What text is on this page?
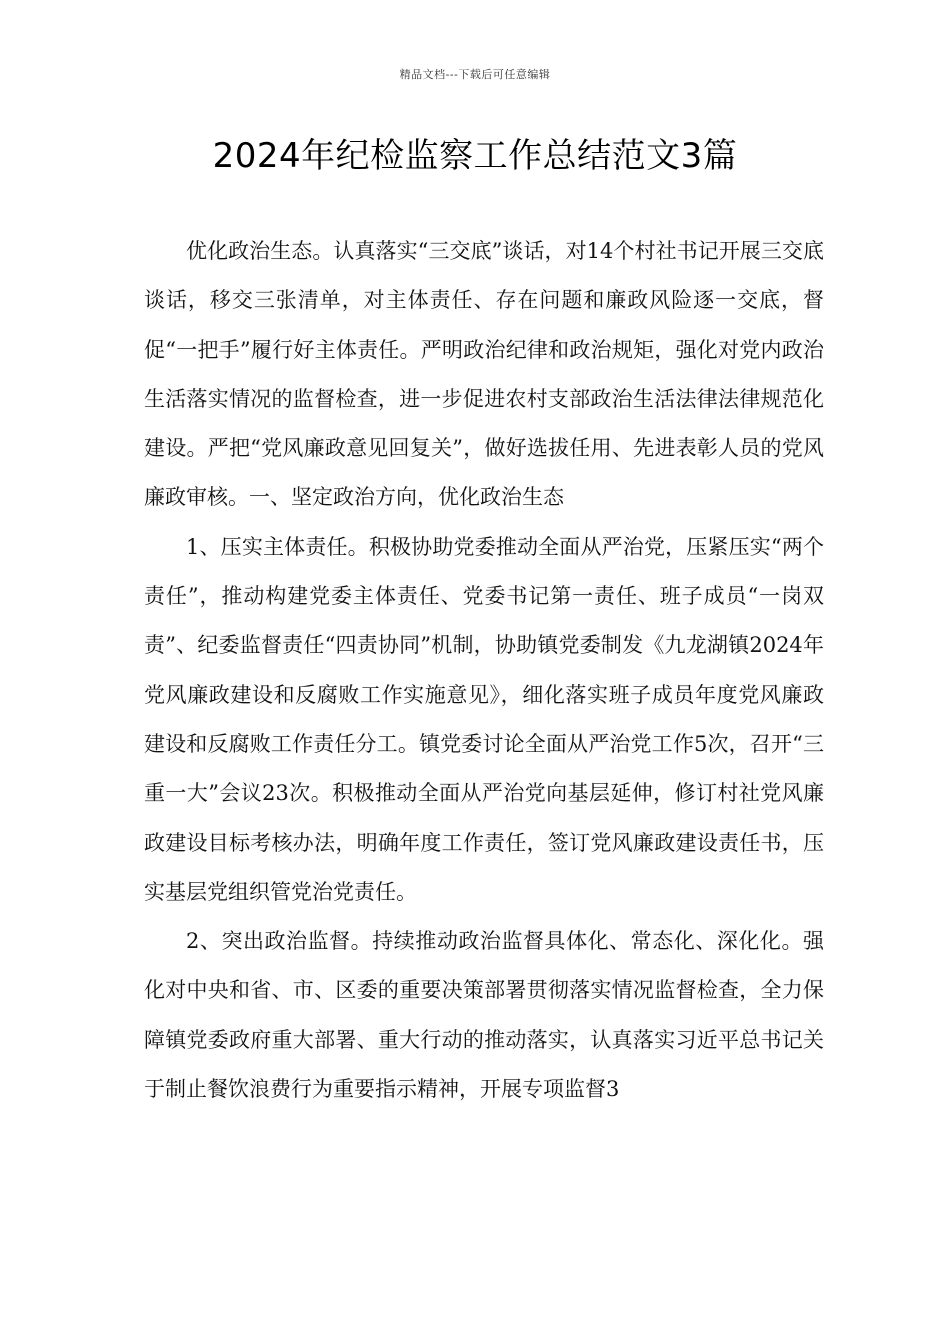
精品文档---下载后可任意编辑
2024年纪检监察工作总结范文3篇

优化政治生态。认真落实“三交底”谈话，对14个村社书记开展三交底谈话，移交三张清单，对主体责任、存在问题和廉政风险逐一交底，督促“一把手”履行好主体责任。严明政治纪律和政治规矩，强化对党内政治生活落实情况的监督检查，进一步促进农村支部政治生活法律法律规范化建设。严把“党风廉政意见回复关”，做好选拔任用、先进表彰人员的党风廉政审核。一、坚定政治方向，优化政治生态

1、压实主体责任。积极协助党委推动全面从严治党，压紧压实“两个责任”，推动构建党委主体责任、党委书记第一责任、班子成员“一岗双责”、纪委监督责任“四责协同”机制，协助镇党委制发《九龙湖镇2024年党风廉政建设和反腐败工作实施意见》，细化落实班子成员年度党风廉政建设和反腐败工作责任分工。镇党委讨论全面从严治党工作5次，召开“三重一大”会议23次。积极推动全面从严治党向基层延伸，修订村社党风廉政建设目标考核办法，明确年度工作责任，签订党风廉政建设责任书，压实基层党组织管党治党责任。

2、突出政治监督。持续推动政治监督具体化、常态化、深化化。强化对中央和省、市、区委的重要决策部署贯彻落实情况监督检查，全力保障镇党委政府重大部署、重大行动的推动落实，认真落实习近平总书记关于制止餐饮浪费行为重要指示精神，开展专项监督3
